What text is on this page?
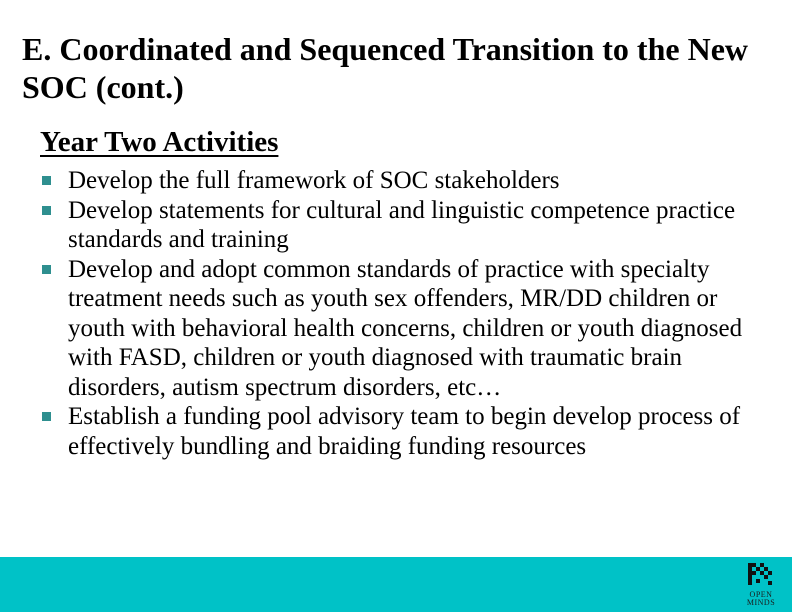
E. Coordinated and Sequenced Transition to the New SOC (cont.)
Year Two Activities
Develop the full framework of SOC stakeholders
Develop statements for cultural and linguistic competence practice standards and training
Develop and adopt common standards of practice with specialty treatment needs such as youth sex offenders, MR/DD children or youth with behavioral health concerns, children or youth diagnosed with FASD, children or youth diagnosed with traumatic brain disorders, autism spectrum disorders, etc…
Establish a funding pool advisory team to begin develop process of effectively bundling and braiding funding resources
OPEN
MINDS
